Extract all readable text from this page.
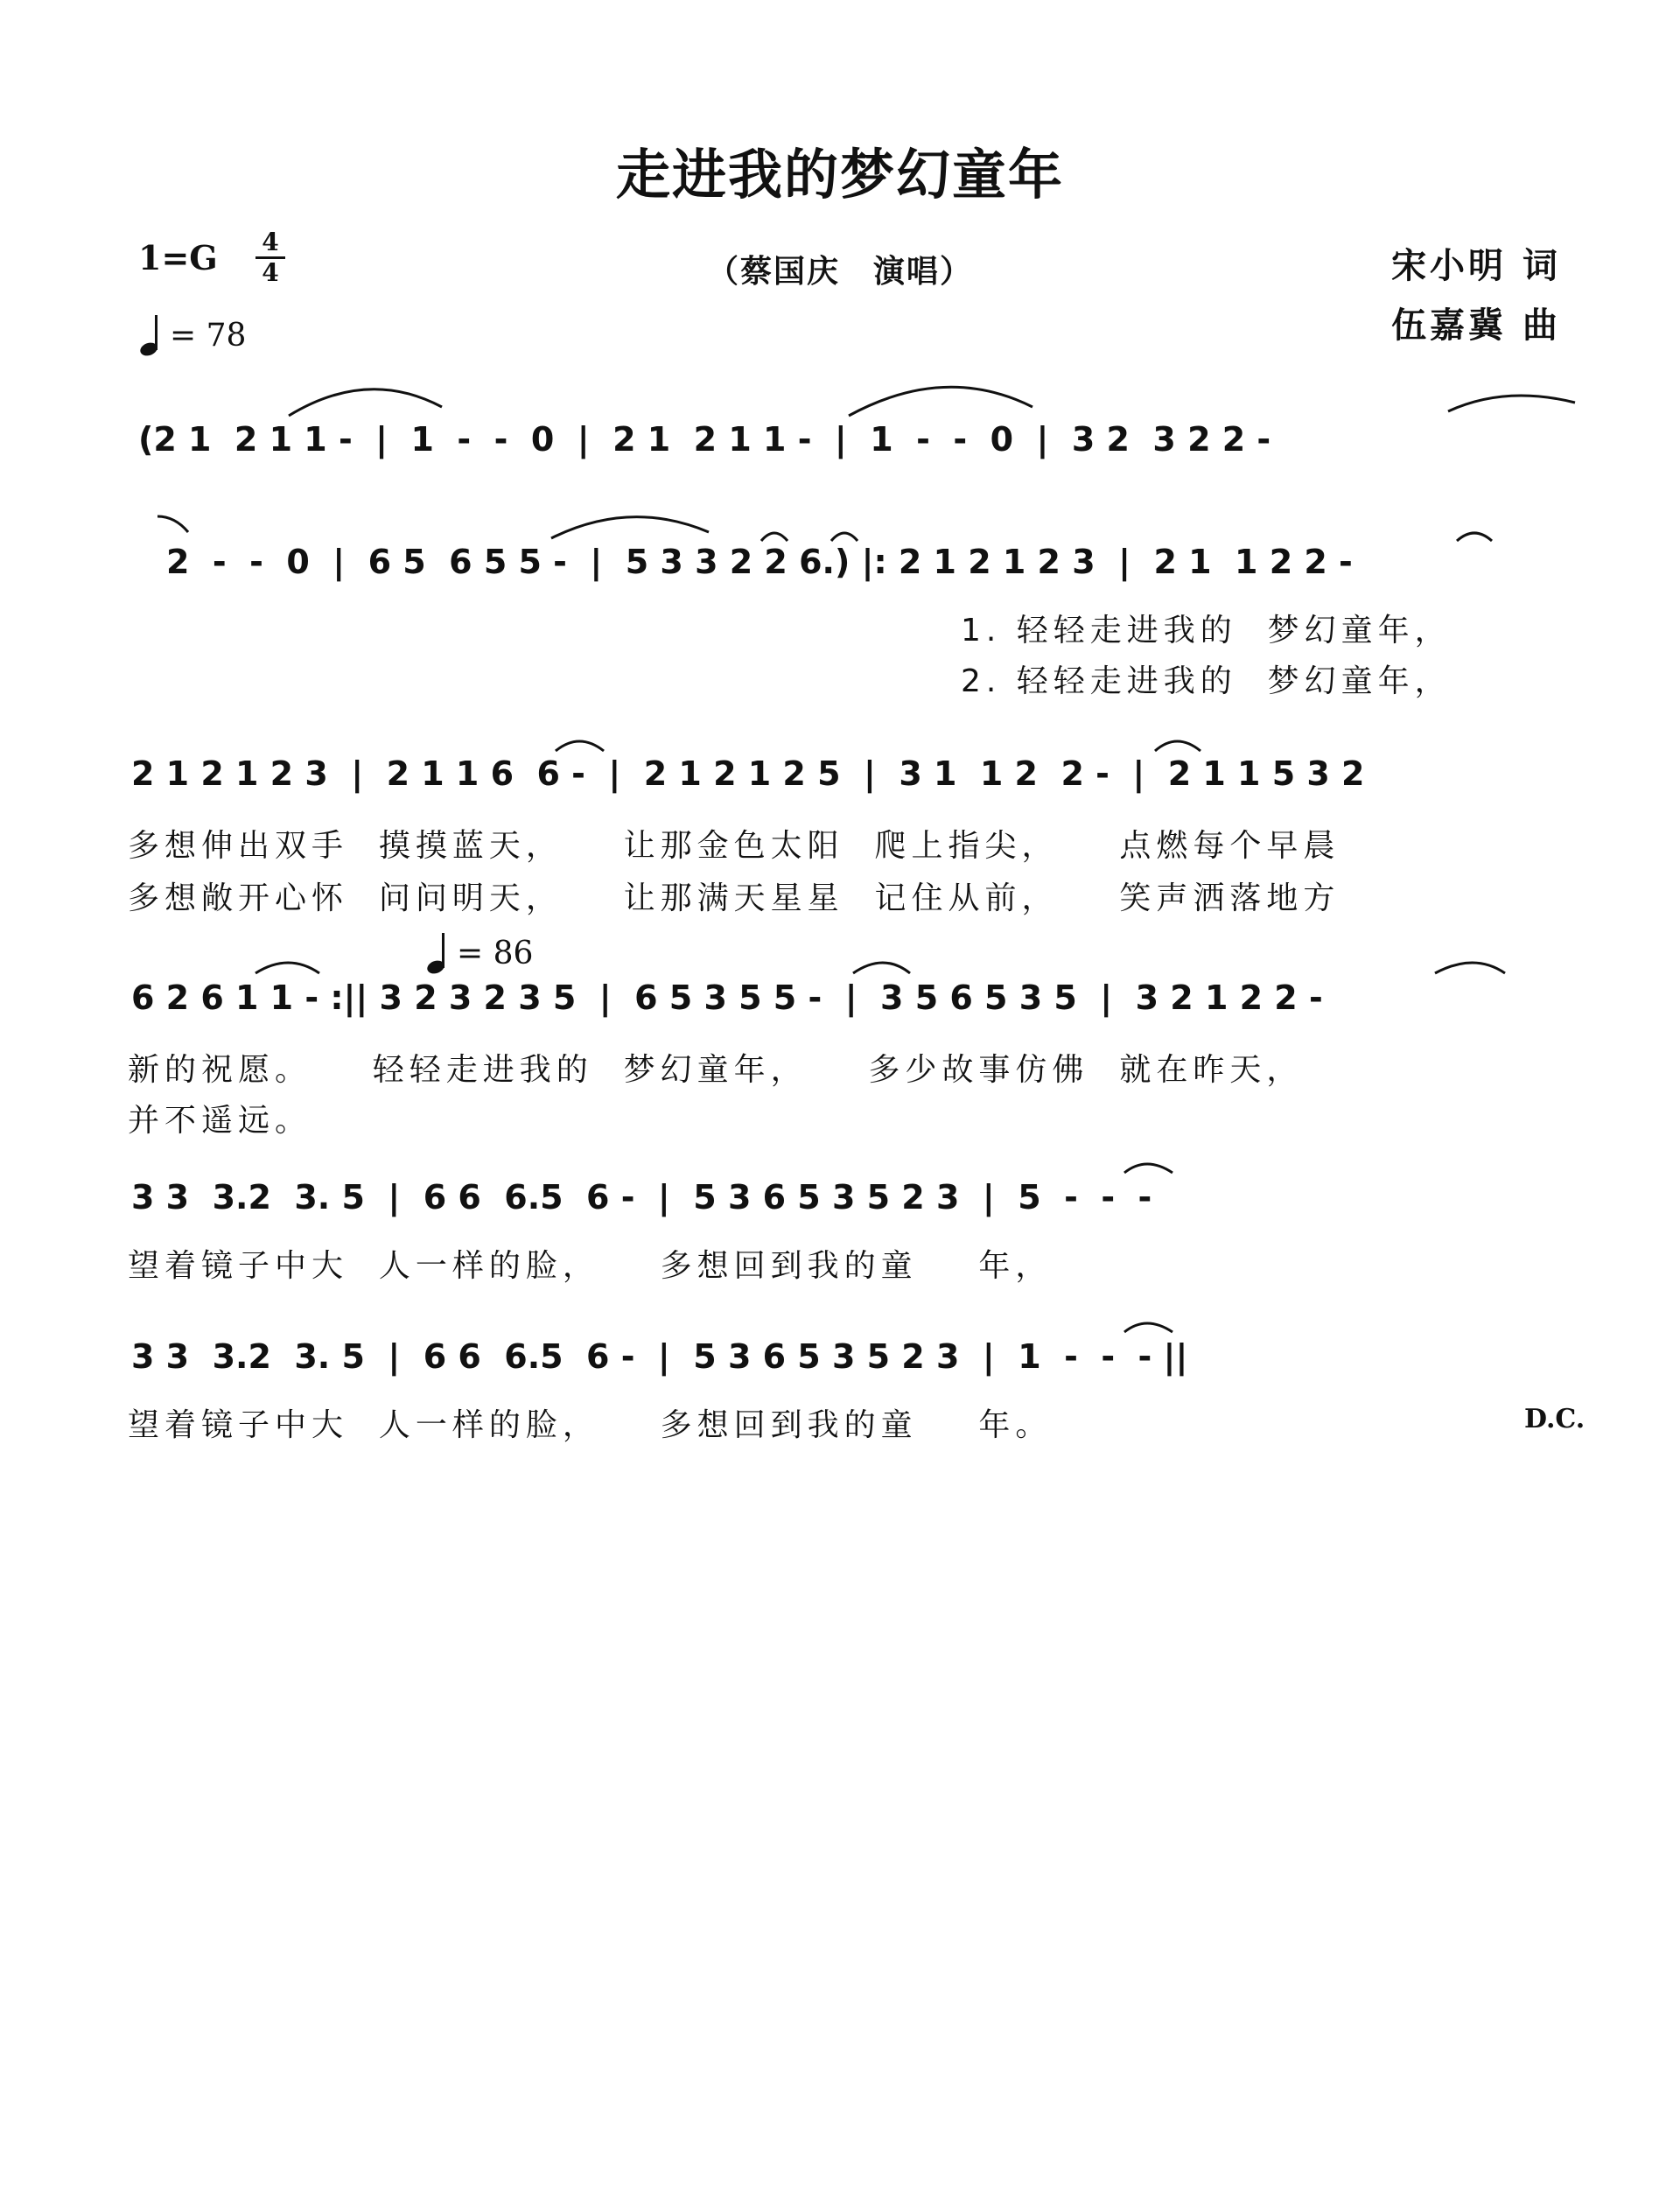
走进我的梦幻童年
1=G 4
4
= 78
（蔡国庆　演唱）	宋小明 词
伍嘉冀 曲
(2 1  2 1 1 -  |  1  -  -  0  |  2 1  2 1 1 -  |  1  -  -  0  |  3 2  3 2 2 -
2  -  -  0  |  6 5  6 5 5 -  |  5 3 3 2 2 6.) |: 2 1 2 1 2 3  |  2 1  1 2 2 -
1. 轻轻走进我的  梦幻童年，
2. 轻轻走进我的  梦幻童年，
2 1 2 1 2 3  |  2 1 1 6  6 -  |  2 1 2 1 2 5  |  3 1  1 2  2 -  |  2 1 1 5 3 2
多想伸出双手  摸摸蓝天，    让那金色太阳  爬上指尖，    点燃每个早晨
多想敞开心怀  问问明天，    让那满天星星  记住从前，    笑声洒落地方
= 86
6 2 6 1 1 - :|| 3 2 3 2 3 5  |  6 5 3 5 5 -  |  3 5 6 5 3 5  |  3 2 1 2 2 -
新的祝愿。    轻轻走进我的  梦幻童年，    多少故事仿佛  就在昨天，
并不遥远。
3 3  3.2  3. 5  |  6 6  6.5  6 -  |  5 3 6 5 3 5 2 3  |  5  -  -  -
望着镜子中大  人一样的脸，    多想回到我的童    年，
3 3  3.2  3. 5  |  6 6  6.5  6 -  |  5 3 6 5 3 5 2 3  |  1  -  -  - ||
望着镜子中大  人一样的脸，    多想回到我的童    年。	D.C.
